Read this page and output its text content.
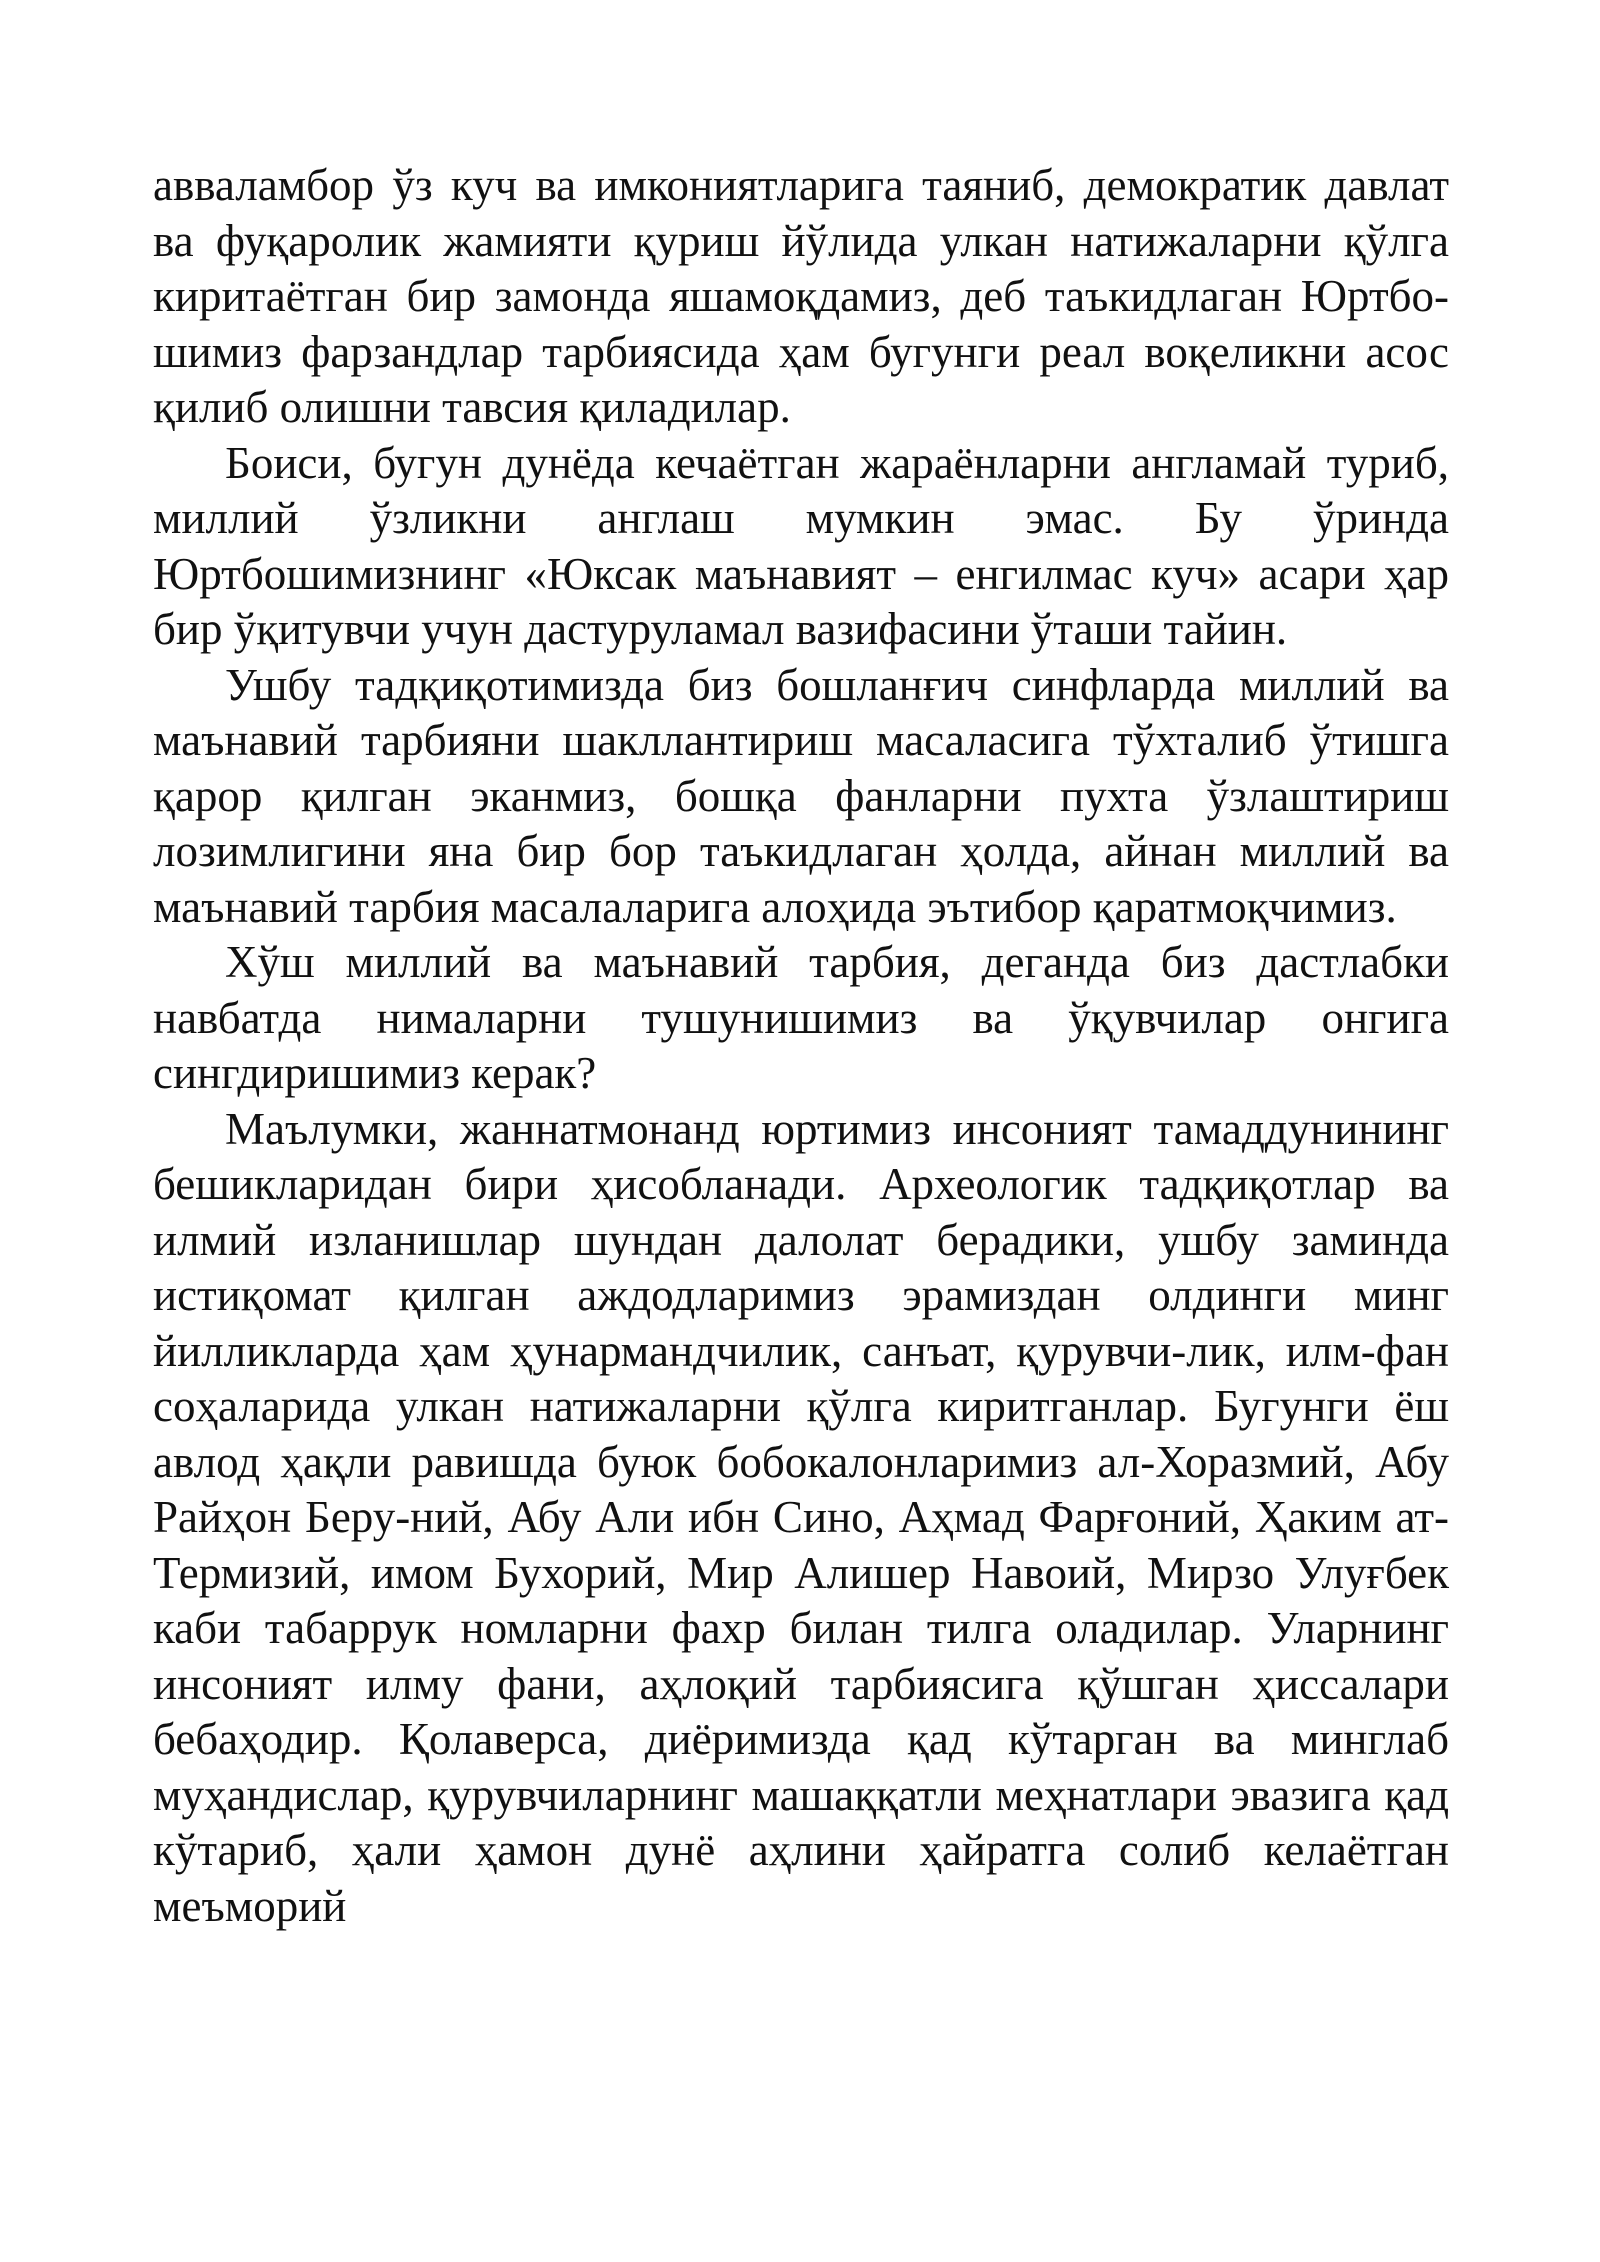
авваламбор ўз куч ва имкониятларига таяниб, демократик давлат ва фуқаролик жамияти қуриш йўлида улкан натижаларни қўлга киритаётган бир замонда яшамоқдамиз, деб таъкидлаган Юртбо-шимиз фарзандлар тарбиясида ҳам бугунги реал воқеликни асос қилиб олишни тавсия қиладилар.

Боиси, бугун дунёда кечаётган жараёнларни англамай туриб, миллий ўзликни англаш мумкин эмас. Бу ўринда Юртбошимизнинг «Юксак маънавият – енгилмас куч» асари ҳар бир ўқитувчи учун дастуруламал вазифасини ўташи тайин.

Ушбу тадқиқотимизда биз бошланғич синфларда миллий ва маънавий тарбияни шакллантириш масаласига тўхталиб ўтишга қарор қилган эканмиз, бошқа фанларни пухта ўзлаштириш лозимлигини яна бир бор таъкидлаган ҳолда, айнан миллий ва маънавий тарбия масалаларига алоҳида эътибор қаратмоқчимиз.

Хўш миллий ва маънавий тарбия, деганда биз дастлабки навбатда нималарни тушунишимиз ва ўқувчилар онгига сингдиришимиз керак?

Маълумки, жаннатмонанд юртимиз инсоният тамаддунининг бешикларидан бири ҳисобланади. Археологик тадқиқотлар ва илмий изланишлар шундан далолат берадики, ушбу заминда истиқомат қилган аждодларимиз эрамиздан олдинги минг йилликларда ҳам ҳунармандчилик, санъат, қурувчи-лик, илм-фан соҳаларида улкан натижаларни қўлга киритганлар. Бугунги ёш авлод ҳақли равишда буюк бобокалонларимиз ал-Хоразмий, Абу Райҳон Беру-ний, Абу Али ибн Сино, Аҳмад Фарғоний, Ҳаким ат-Термизий, имом Бухорий, Мир Алишер Навоий, Мирзо Улуғбек каби табаррук номларни фахр билан тилга оладилар. Уларнинг инсоният илму фани, аҳлоқий тарбиясига қўшган ҳиссалари бебаҳодир. Қолаверса, диёримизда қад кўтарган ва минглаб муҳандислар, қурувчиларнинг машаққатли меҳнатлари эвазига қад кўтариб, ҳали ҳамон дунё аҳлини ҳайратга солиб келаётган меъморий
